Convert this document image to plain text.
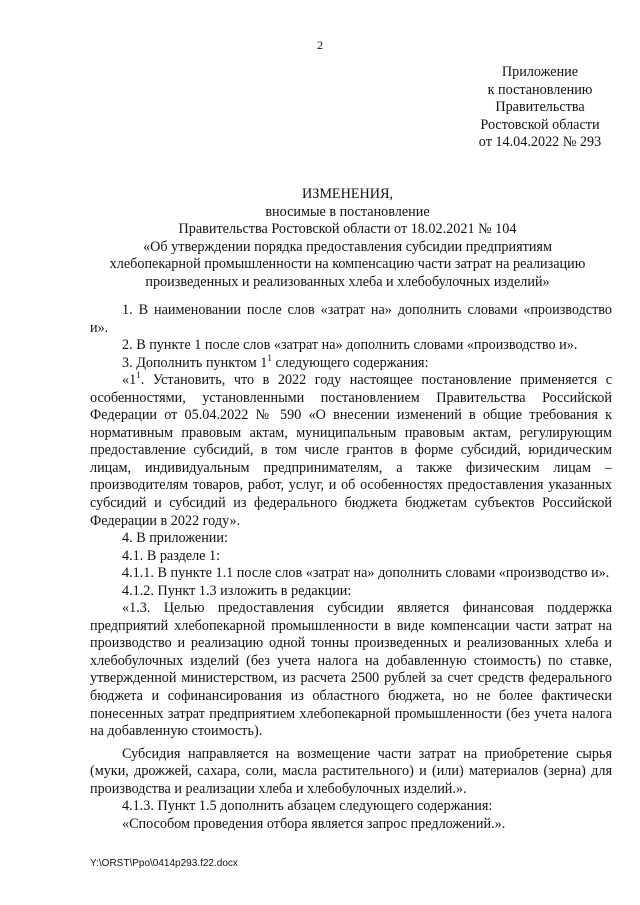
2
Приложение
к постановлению
Правительства
Ростовской области
от 14.04.2022 № 293
ИЗМЕНЕНИЯ,
вносимые в постановление
Правительства Ростовской области от 18.02.2021 № 104
«Об утверждении порядка предоставления субсидии предприятиям
хлебопекарной промышленности на компенсацию части затрат на реализацию
произведенных и реализованных хлеба и хлебобулочных изделий»

1. В наименовании после слов «затрат на» дополнить словами «производство и».

2. В пункте 1 после слов «затрат на» дополнить словами «производство и».

3. Дополнить пунктом $1^1$ следующего содержания:

«$1^1$. Установить, что в 2022 году настоящее постановление применяется с особенностями, установленными постановлением Правительства Российской Федерации от 05.04.2022 № 590 «О внесении изменений в общие требования к нормативным правовым актам, муниципальным правовым актам, регулирующим предоставление субсидий, в том числе грантов в форме субсидий, юридическим лицам, индивидуальным предпринимателям, а также физическим лицам – производителям товаров, работ, услуг, и об особенностях предоставления указанных субсидий и субсидий из федерального бюджета бюджетам субъектов Российской Федерации в 2022 году».

4. В приложении:

4.1. В разделе 1:

4.1.1. В пункте 1.1 после слов «затрат на» дополнить словами «производство и».

4.1.2. Пункт 1.3 изложить в редакции:

«1.3. Целью предоставления субсидии является финансовая поддержка предприятий хлебопекарной промышленности в виде компенсации части затрат на производство и реализацию одной тонны произведенных и реализованных хлеба и хлебобулочных изделий (без учета налога на добавленную стоимость) по ставке, утвержденной министерством, из расчета 2500 рублей за счет средств федерального бюджета и софинансирования из областного бюджета, но не более фактически понесенных затрат предприятием хлебопекарной промышленности (без учета налога на добавленную стоимость).

Субсидия направляется на возмещение части затрат на приобретение сырья (муки, дрожжей, сахара, соли, масла растительного) и (или) материалов (зерна) для производства и реализации хлеба и хлебобулочных изделий.».

4.1.3. Пункт 1.5 дополнить абзацем следующего содержания:

«Способом проведения отбора является запрос предложений.».

Y:\ORST\Ppo\0414p293.f22.docx
